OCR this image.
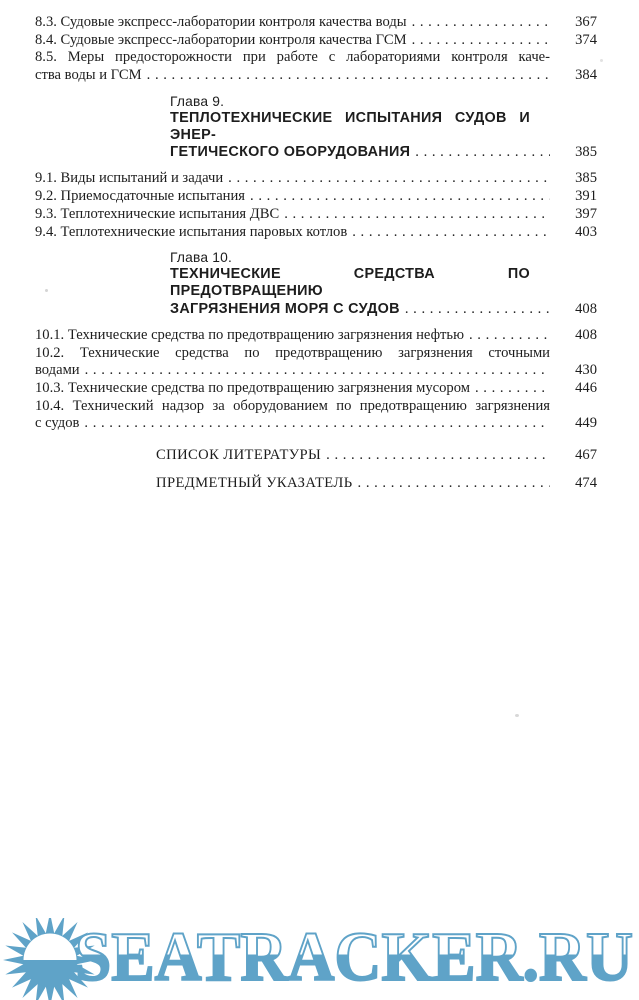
8.3. Судовые экспресс-лаборатории контроля качества воды . . .	367
8.4. Судовые экспресс-лаборатории контроля качества ГСМ . . .	374
8.5. Меры предосторожности при работе с лабораториями контроля каче-
ства воды и ГСМ . . .	384
Глава 9.
ТЕПЛОТЕХНИЧЕСКИЕ ИСПЫТАНИЯ СУДОВ И ЭНЕР-
ГЕТИЧЕСКОГО ОБОРУДОВАНИЯ . . .	385
9.1. Виды испытаний и задачи . . .	385
9.2. Приемосдаточные испытания . . .	391
9.3. Теплотехнические испытания ДВС . . .	397
9.4. Теплотехнические испытания паровых котлов . . .	403
Глава 10.
ТЕХНИЧЕСКИЕ СРЕДСТВА ПО ПРЕДОТВРАЩЕНИЮ
ЗАГРЯЗНЕНИЯ МОРЯ С СУДОВ . . .	408
10.1. Технические средства по предотвращению загрязнения нефтью . . .	408
10.2. Технические средства по предотвращению загрязнения сточными
водами . . .	430
10.3. Технические средства по предотвращению загрязнения мусором . . .	446
10.4. Технический надзор за оборудованием по предотвращению загрязнения
с судов . . .	449
СПИСОК ЛИТЕРАТУРЫ . . .	467
ПРЕДМЕТНЫЙ УКАЗАТЕЛЬ . . .	474
SEATRACKER.RU
